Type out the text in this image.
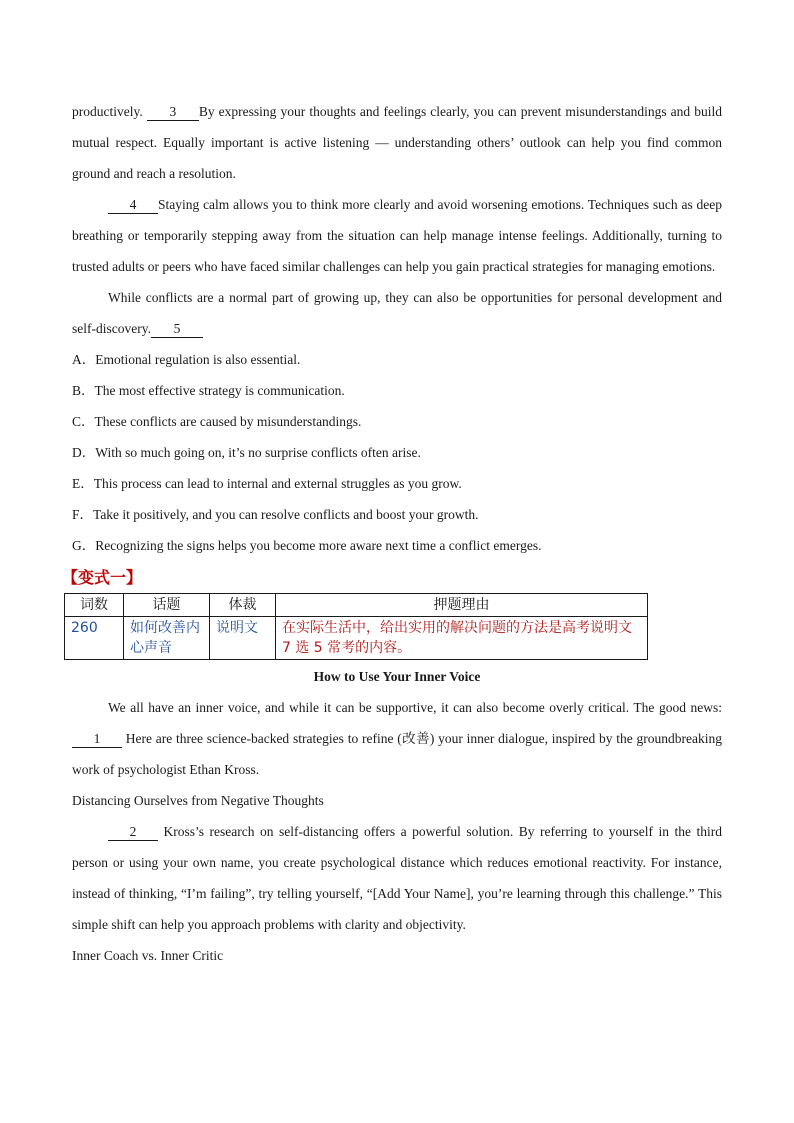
productively. 3 By expressing your thoughts and feelings clearly, you can prevent misunderstandings and build mutual respect. Equally important is active listening — understanding others’ outlook can help you find common ground and reach a resolution.

4 Staying calm allows you to think more clearly and avoid worsening emotions. Techniques such as deep breathing or temporarily stepping away from the situation can help manage intense feelings. Additionally, turning to trusted adults or peers who have faced similar challenges can help you gain practical strategies for managing emotions.

While conflicts are a normal part of growing up, they can also be opportunities for personal development and self-discovery. 5

A．Emotional regulation is also essential.

B．The most effective strategy is communication.

C．These conflicts are caused by misunderstandings.

D．With so much going on, it’s no surprise conflicts often arise.

E．This process can lead to internal and external struggles as you grow.

F．Take it positively, and you can resolve conflicts and boost your growth.

G．Recognizing the signs helps you become more aware next time a conflict emerges.

【变式一】
词数	话题	体裁	押题理由
260	如何改善内心声音	说明文	在实际生活中，给出实用的解决问题的方法是高考说明文 7 选 5 常考的内容。
How to Use Your Inner Voice

We all have an inner voice, and while it can be supportive, it can also become overly critical. The good news: 1 Here are three science-backed strategies to refine (改善) your inner dialogue, inspired by the groundbreaking work of psychologist Ethan Kross.

Distancing Ourselves from Negative Thoughts

2 Kross’s research on self-distancing offers a powerful solution. By referring to yourself in the third person or using your own name, you create psychological distance which reduces emotional reactivity. For instance, instead of thinking, “I’m failing”, try telling yourself, “[Add Your Name], you’re learning through this challenge.” This simple shift can help you approach problems with clarity and objectivity.

Inner Coach vs. Inner Critic
